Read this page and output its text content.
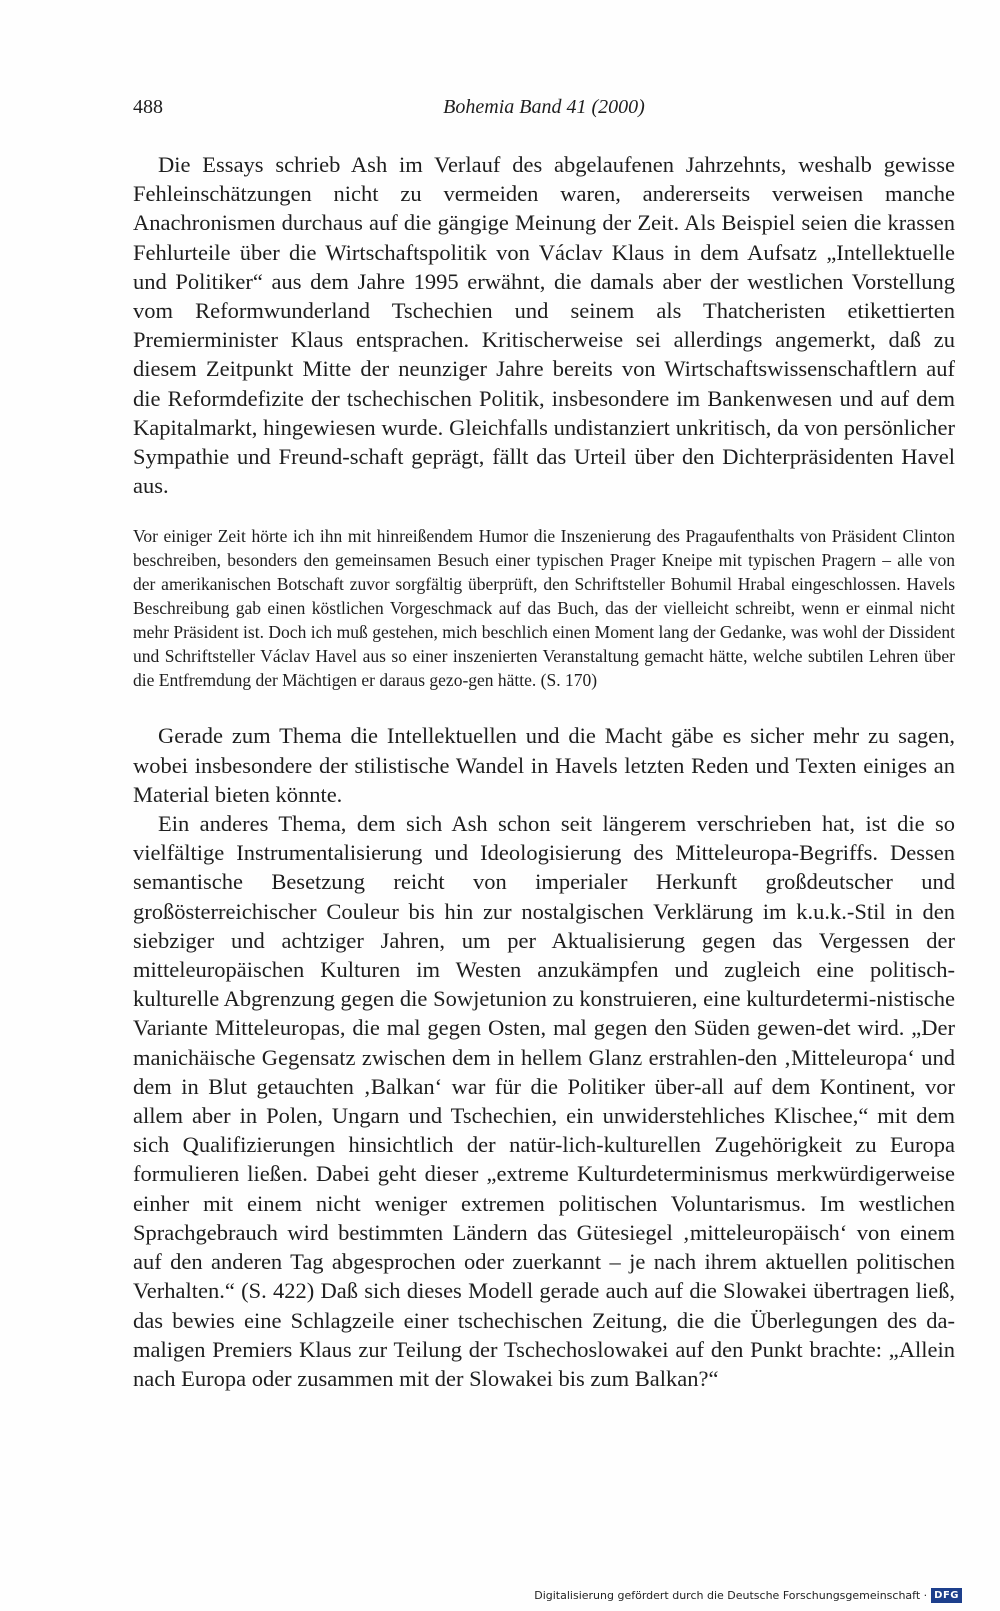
488	Bohemia Band 41 (2000)

Die Essays schrieb Ash im Verlauf des abgelaufenen Jahrzehnts, weshalb gewisse Fehleinschätzungen nicht zu vermeiden waren, andererseits verweisen manche Anachronismen durchaus auf die gängige Meinung der Zeit. Als Beispiel seien die krassen Fehlurteile über die Wirtschaftspolitik von Václav Klaus in dem Aufsatz „Intellektuelle und Politiker“ aus dem Jahre 1995 erwähnt, die damals aber der westlichen Vorstellung vom Reformwunderland Tschechien und seinem als Thatcheristen etikettierten Premierminister Klaus entsprachen. Kritischerweise sei allerdings angemerkt, daß zu diesem Zeitpunkt Mitte der neunziger Jahre bereits von Wirtschaftswissenschaftlern auf die Reformdefizite der tschechischen Politik, insbesondere im Bankenwesen und auf dem Kapitalmarkt, hingewiesen wurde. Gleichfalls undistanziert unkritisch, da von persönlicher Sympathie und Freund-schaft geprägt, fällt das Urteil über den Dichterpräsidenten Havel aus.

Vor einiger Zeit hörte ich ihn mit hinreißendem Humor die Inszenierung des Pragaufenthalts von Präsident Clinton beschreiben, besonders den gemeinsamen Besuch einer typischen Prager Kneipe mit typischen Pragern – alle von der amerikanischen Botschaft zuvor sorgfältig überprüft, den Schriftsteller Bohumil Hrabal eingeschlossen. Havels Beschreibung gab einen köstlichen Vorgeschmack auf das Buch, das der vielleicht schreibt, wenn er einmal nicht mehr Präsident ist. Doch ich muß gestehen, mich beschlich einen Moment lang der Gedanke, was wohl der Dissident und Schriftsteller Václav Havel aus so einer inszenierten Veranstaltung gemacht hätte, welche subtilen Lehren über die Entfremdung der Mächtigen er daraus gezo-gen hätte. (S. 170)

Gerade zum Thema die Intellektuellen und die Macht gäbe es sicher mehr zu sagen, wobei insbesondere der stilistische Wandel in Havels letzten Reden und Texten einiges an Material bieten könnte.

Ein anderes Thema, dem sich Ash schon seit längerem verschrieben hat, ist die so vielfältige Instrumentalisierung und Ideologisierung des Mitteleuropa-Begriffs. Dessen semantische Besetzung reicht von imperialer Herkunft großdeutscher und großösterreichischer Couleur bis hin zur nostalgischen Verklärung im k.u.k.-Stil in den siebziger und achtziger Jahren, um per Aktualisierung gegen das Vergessen der mitteleuropäischen Kulturen im Westen anzukämpfen und zugleich eine politisch-kulturelle Abgrenzung gegen die Sowjetunion zu konstruieren, eine kulturdetermi-nistische Variante Mitteleuropas, die mal gegen Osten, mal gegen den Süden gewen-det wird. „Der manichäische Gegensatz zwischen dem in hellem Glanz erstrahlen-den ‚Mitteleuropa‘ und dem in Blut getauchten ‚Balkan‘ war für die Politiker über-all auf dem Kontinent, vor allem aber in Polen, Ungarn und Tschechien, ein unwiderstehliches Klischee,“ mit dem sich Qualifizierungen hinsichtlich der natür-lich-kulturellen Zugehörigkeit zu Europa formulieren ließen. Dabei geht dieser „extreme Kulturdeterminismus merkwürdigerweise einher mit einem nicht weniger extremen politischen Voluntarismus. Im westlichen Sprachgebrauch wird bestimmten Ländern das Gütesiegel ‚mitteleuropäisch‘ von einem auf den anderen Tag abgesprochen oder zuerkannt – je nach ihrem aktuellen politischen Verhalten.“ (S. 422) Daß sich dieses Modell gerade auch auf die Slowakei übertragen ließ, das bewies eine Schlagzeile einer tschechischen Zeitung, die die Überlegungen des da-maligen Premiers Klaus zur Teilung der Tschechoslowakei auf den Punkt brachte: „Allein nach Europa oder zusammen mit der Slowakei bis zum Balkan?“

Digitalisierung gefördert durch die Deutsche Forschungsgemeinschaft · DFG
